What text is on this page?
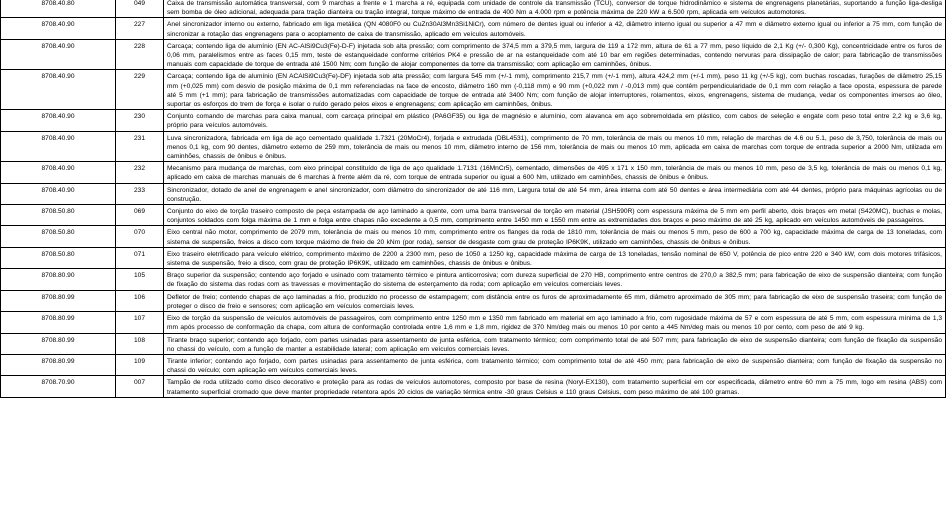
8708.40.80	049	Caixa de transmissão automática transversal, com 9 marchas a frente e 1 marcha a ré, equipada com unidade de controle da transmissão (TCU), conversor de torque hidrodinâmico e sistema de engrenagens planetárias, suportando a função liga-desliga sem bomba de óleo adicional, adequada para tração dianteira ou tração integral, torque máximo de entrada de 400 Nm a 4.000 rpm e potência máxima de 220 kW a 6.500 rpm, aplicada em veículos automotores.
8708.40.90	227	Anel sincronizador interno ou externo, fabricado em liga metálica (QN 4080F0 ou CuZn30Al3Mn3Si1NiCr), com número de dentes igual ou inferior a 42, diâmetro interno igual ou superior a 47 mm e diâmetro externo igual ou inferior a 75 mm, com função de sincronizar a rotação das engrenagens para o acoplamento de caixa de transmissão, aplicado em veículos automóveis.
8708.40.90	228	Carcaça; contendo liga de alumínio (EN AC-AlSi9Cu3(Fe)-D-F) injetada sob alta pressão; com comprimento de 374,5 mm a 379,5 mm, largura de 119 a 172 mm, altura de 61 a 77 mm, peso líquido de 2,1 Kg (+/- 0,300 Kg), concentricidade entre os furos de 0,06 mm, paralelismos entre as faces 0,15 mm, teste de estanqueidade conforme critérios PK4 e pressão de ar na estanqueidade com até 10 bar em regiões determinadas, contendo nervuras para dissipação de calor; para fabricação de transmissões manuais com capacidade de torque de entrada até 1500 Nm; com função de alojar componentes da torre da transmissão; com aplicação em caminhões, ônibus.
8708.40.90	229	Carcaça; contendo liga de alumínio (EN ACAlSi9Cu3(Fe)-DF) injetada sob alta pressão; com largura 545 mm (+/-1 mm), comprimento 215,7 mm (+/-1 mm), altura 424,2 mm (+/-1 mm), peso 11 kg (+/-5 kg), com buchas roscadas, furações de diâmetro 25,15 mm (+0,025 mm) com desvio de posição máxima de 0,1 mm referenciadas na face de encosto, diâmetro 160 mm (-0,118 mm) e 90 mm (+0,022 mm / -0,013 mm) que contêm perpendicularidade de 0,1 mm com relação a face oposta, espessura de parede até 5 mm (+1 mm); para fabricação de transmissões automatizadas com capacidade de torque de entrada até 3400 Nm; com função de alojar interruptores, rolamentos, eixos, engrenagens, sistema de mudança, vedar os componentes imersos ao óleo, suportar os esforços do trem de força e isolar o ruído gerado pelos eixos e engrenagens; com aplicação em caminhões, ônibus.
8708.40.90	230	Conjunto comando de marchas para caixa manual, com carcaça principal em plástico (PA6GF35) ou liga de magnésio e alumínio, com alavanca em aço sobremoldada em plástico, com cabos de seleção e engate com peso total entre 2,2 kg e 3,6 kg, próprio para veículos automóveis.
8708.40.90	231	Luva sincronizadora, fabricada em liga de aço cementado qualidade 1.7321 (20MoCr4), forjada e extrudada (DBL4531), comprimento de 70 mm, tolerância de mais ou menos 10 mm, relação de marchas de 4.6 ou 5.1, peso de 3,750, tolerância de mais ou menos 0,1 kg, com 90 dentes, diâmetro externo de 259 mm, tolerância de mais ou menos 10 mm, diâmetro interno de 156 mm, tolerância de mais ou menos 10 mm, aplicada em caixa de marchas com torque de entrada superior a 2000 Nm, utilizada em caminhões, chassis de ônibus e ônibus.
8708.40.90	232	Mecanismo para mudança de marchas, com eixo principal constituído de liga de aço qualidade 1.7131 (16MnCr5), cementado, dimensões de 495 x 171 x 150 mm, tolerância de mais ou menos 10 mm, peso de 3,5 kg, tolerância de mais ou menos 0,1 kg, aplicado em caixa de marchas manuais de 6 marchas à frente além da ré, com torque de entrada superior ou igual a 600 Nm, utilizado em caminhões, chassis de ônibus e ônibus.
8708.40.90	233	Sincronizador, dotado de anel de engrenagem e anel sincronizador, com diâmetro do sincronizador de até 116 mm, Largura total de até 54 mm, área interna com até 50 dentes e área intermediária com até 44 dentes, próprio para máquinas agrícolas ou de construção.
8708.50.80	069	Conjunto do eixo de torção traseiro composto de peça estampada de aço laminado a quente, com uma barra transversal de torção em material (JSH590R) com espessura máxima de 5 mm em perfil aberto, dois braços em metal (S420MC), buchas e molas, conjuntos soldados com folga máxima de 1 mm e folga entre chapas não excedente a 0,5 mm, comprimento entre 1450 mm e 1550 mm entre as extremidades dos braços e peso máximo de até 25 kg, aplicado em veículos automóveis de passageiros.
8708.50.80	070	Eixo central não motor, comprimento de 2079 mm, tolerância de mais ou menos 10 mm, comprimento entre os flanges da roda de 1810 mm, tolerância de mais ou menos 5 mm, peso de 600 a 700 kg, capacidade máxima de carga de 13 toneladas, com sistema de suspensão, freios a disco com torque máximo de freio de 20 kNm (por roda), sensor de desgaste com grau de proteção IP6K9K, utilizado em caminhões, chassis de ônibus e ônibus.
8708.50.80	071	Eixo traseiro eletrificado para veículo elétrico, comprimento máximo de 2200 a 2300 mm, peso de 1050 a 1250 kg, capacidade máxima de carga de 13 toneladas, tensão nominal de 650 V, potência de pico entre 220 e 340 kW, com dois motores trifásicos, sistema de suspensão, freio a disco, com grau de proteção IP6K9K, utilizado em caminhões, chassis de ônibus e ônibus.
8708.80.90	105	Braço superior da suspensão; contendo aço forjado e usinado com tratamento térmico e pintura anticorrosiva; com dureza superficial de 270 HB, comprimento entre centros de 270,0 a 382,5 mm; para fabricação de eixo de suspensão dianteira; com função de fixação do sistema das rodas com as travessas e movimentação do sistema de esterçamento da roda; com aplicação em veículos comerciais leves.
8708.80.99	106	Defletor de freio; contendo chapas de aço laminadas a frio, produzido no processo de estampagem; com distância entre os furos de aproximadamente 65 mm, diâmetro aproximado de 305 mm; para fabricação de eixo de suspensão traseira; com função de proteger o disco de freio e sensores; com aplicação em veículos comerciais leves.
8708.80.99	107	Eixo de torção da suspensão de veículos automóveis de passageiros, com comprimento entre 1250 mm e 1350 mm fabricado em material em aço laminado a frio, com rugosidade máxima de 57 e com espessura de até 5 mm, com espessura mínima de 1,3 mm após processo de conformação da chapa, com altura de conformação controlada entre 1,6 mm e 1,8 mm, rigidez de 370 Nm/deg mais ou menos 10 por cento a 445 Nm/deg mais ou menos 10 por cento, com peso de até 9 kg.
8708.80.99	108	Tirante braço superior; contendo aço forjado, com partes usinadas para assentamento de junta esférica, com tratamento térmico; com comprimento total de até 507 mm; para fabricação de eixo de suspensão dianteira; com função de fixação da suspensão no chassi do veículo, com a função de manter a estabilidade lateral; com aplicação em veículos comerciais leves.
8708.80.99	109	Tirante inferior; contendo aço forjado, com partes usinadas para assentamento de junta esférica, com tratamento térmico; com comprimento total de até 450 mm; para fabricação de eixo de suspensão dianteira; com função de fixação da suspensão no chassi do veículo; com aplicação em veículos comerciais leves.
8708.70.90	007	Tampão de roda utilizado como disco decorativo e proteção para as rodas de veículos automotores, composto por base de resina (Noryl-EX130), com tratamento superficial em cor especificada, diâmetro entre 60 mm a 75 mm, logo em resina (ABS) com tratamento superficial cromado que deve manter propriedade retentora após 20 ciclos de variação térmica entre -30 graus Celsius e 110 graus Celsius, com peso máximo de até 100 gramas.
